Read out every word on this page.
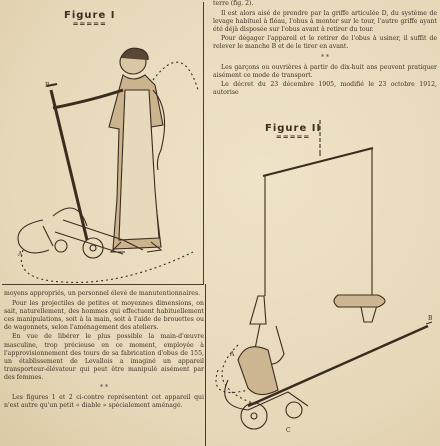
Figure I
=====
B
A

terre (fig. 2).

Il est alors aisé de prendre par la griffe articulée D, du système de levage habituel à fléau, l'obus à monter sur le tour, l'autre griffe ayant été déjà disposée sur l'obus avant à retirer du tour.

Pour dégager l'appareil et le retirer de l'obus à usiner, il suffit de relever le manche B et de le tirer en avant.

* *

Les garçons ou ouvrières à partir de dix-huit ans peuvent pratiquer aisément ce mode de transport.

Le décret du 23 décembre 1905, modifié le 23 octobre 1912, autorise

Figure II
=====
B
A
C

moyens appropriés, un personnel élevé de manutentionnaires.

Pour les projectiles de petites et moyennes dimensions, on sait, naturellement, des hommes qui effectuent habituellement ces manipulations, soit à la main, soit à l'aide de brouettes ou de wagonnets, selon l'aménagement des ateliers.

En vue de libérer le plus possible la main-d'œuvre masculine, trop précieuse en ce moment, employée à l'approvisionnement des tours de sa fabrication d'obus de 155, un établissement de Levallois a imaginé un appareil transporteur-élévateur qui peut être manipulé aisément par des femmes.

* *

Les figures 1 et 2 ci-contre représentent cet appareil qui n'est autre qu'un petit « diable » spécialement aménagé.
